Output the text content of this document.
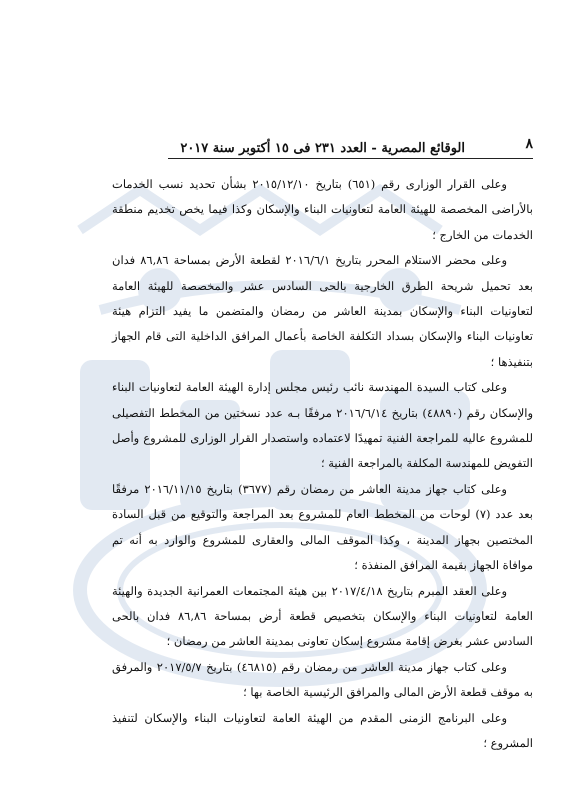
٨
الوقائع المصرية - العدد ٢٣١ فى ١٥ أكتوبر سنة ٢٠١٧

وعلى القرار الوزارى رقم (٦٥١) بتاريخ ٢٠١٥/١٢/١٠ بشأن تحديد نسب الخدمات بالأراضى المخصصة للهيئة العامة لتعاونيات البناء والإسكان وكذا فيما يخص تخديم منطقة الخدمات من الخارج ؛

وعلى محضر الاستلام المحرر بتاريخ ٢٠١٦/٦/١ لقطعة الأرض بمساحة ٨٦,٨٦ فدان بعد تحميل شريحة الطرق الخارجية بالحى السادس عشر والمخصصة للهيئة العامة لتعاونيات البناء والإسكان بمدينة العاشر من رمضان والمتضمن ما يفيد التزام هيئة تعاونيات البناء والإسكان بسداد التكلفة الخاصة بأعمال المرافق الداخلية التى قام الجهاز بتنفيذها ؛

وعلى كتاب السيدة المهندسة نائب رئيس مجلس إدارة الهيئة العامة لتعاونيات البناء والإسكان رقم (٤٨٨٩٠) بتاريخ ٢٠١٦/٦/١٤ مرفقًا بـه عدد نسختين من المخطط التفصيلى للمشروع عاليه للمراجعة الفنية تمهيدًا لاعتماده واستصدار القرار الوزارى للمشروع وأصل التفويض للمهندسة المكلفة بالمراجعة الفنية ؛

وعلى كتاب جهاز مدينة العاشر من رمضان رقم (٣٦٧٧) بتاريخ ٢٠١٦/١١/١٥ مرفقًا بعد عدد (٧) لوحات من المخطط العام للمشروع بعد المراجعة والتوقيع من قبل السادة المختصين بجهاز المدينة ، وكذا الموقف المالى والعقارى للمشروع والوارد به أنه تم موافاة الجهاز بقيمة المرافق المنفذة ؛

وعلى العقد المبرم بتاريخ ٢٠١٧/٤/١٨ بين هيئة المجتمعات العمرانية الجديدة والهيئة العامة لتعاونيات البناء والإسكان بتخصيص قطعة أرض بمساحة ٨٦,٨٦ فدان بالحى السادس عشر بغرض إقامة مشروع إسكان تعاونى بمدينة العاشر من رمضان ؛

وعلى كتاب جهاز مدينة العاشر من رمضان رقم (٤٦٨١٥) بتاريخ ٢٠١٧/٥/٧ والمرفق به موقف قطعة الأرض المالى والمرافق الرئيسية الخاصة بها ؛

وعلى البرنامج الزمنى المقدم من الهيئة العامة لتعاونيات البناء والإسكان لتنفيذ المشروع ؛
